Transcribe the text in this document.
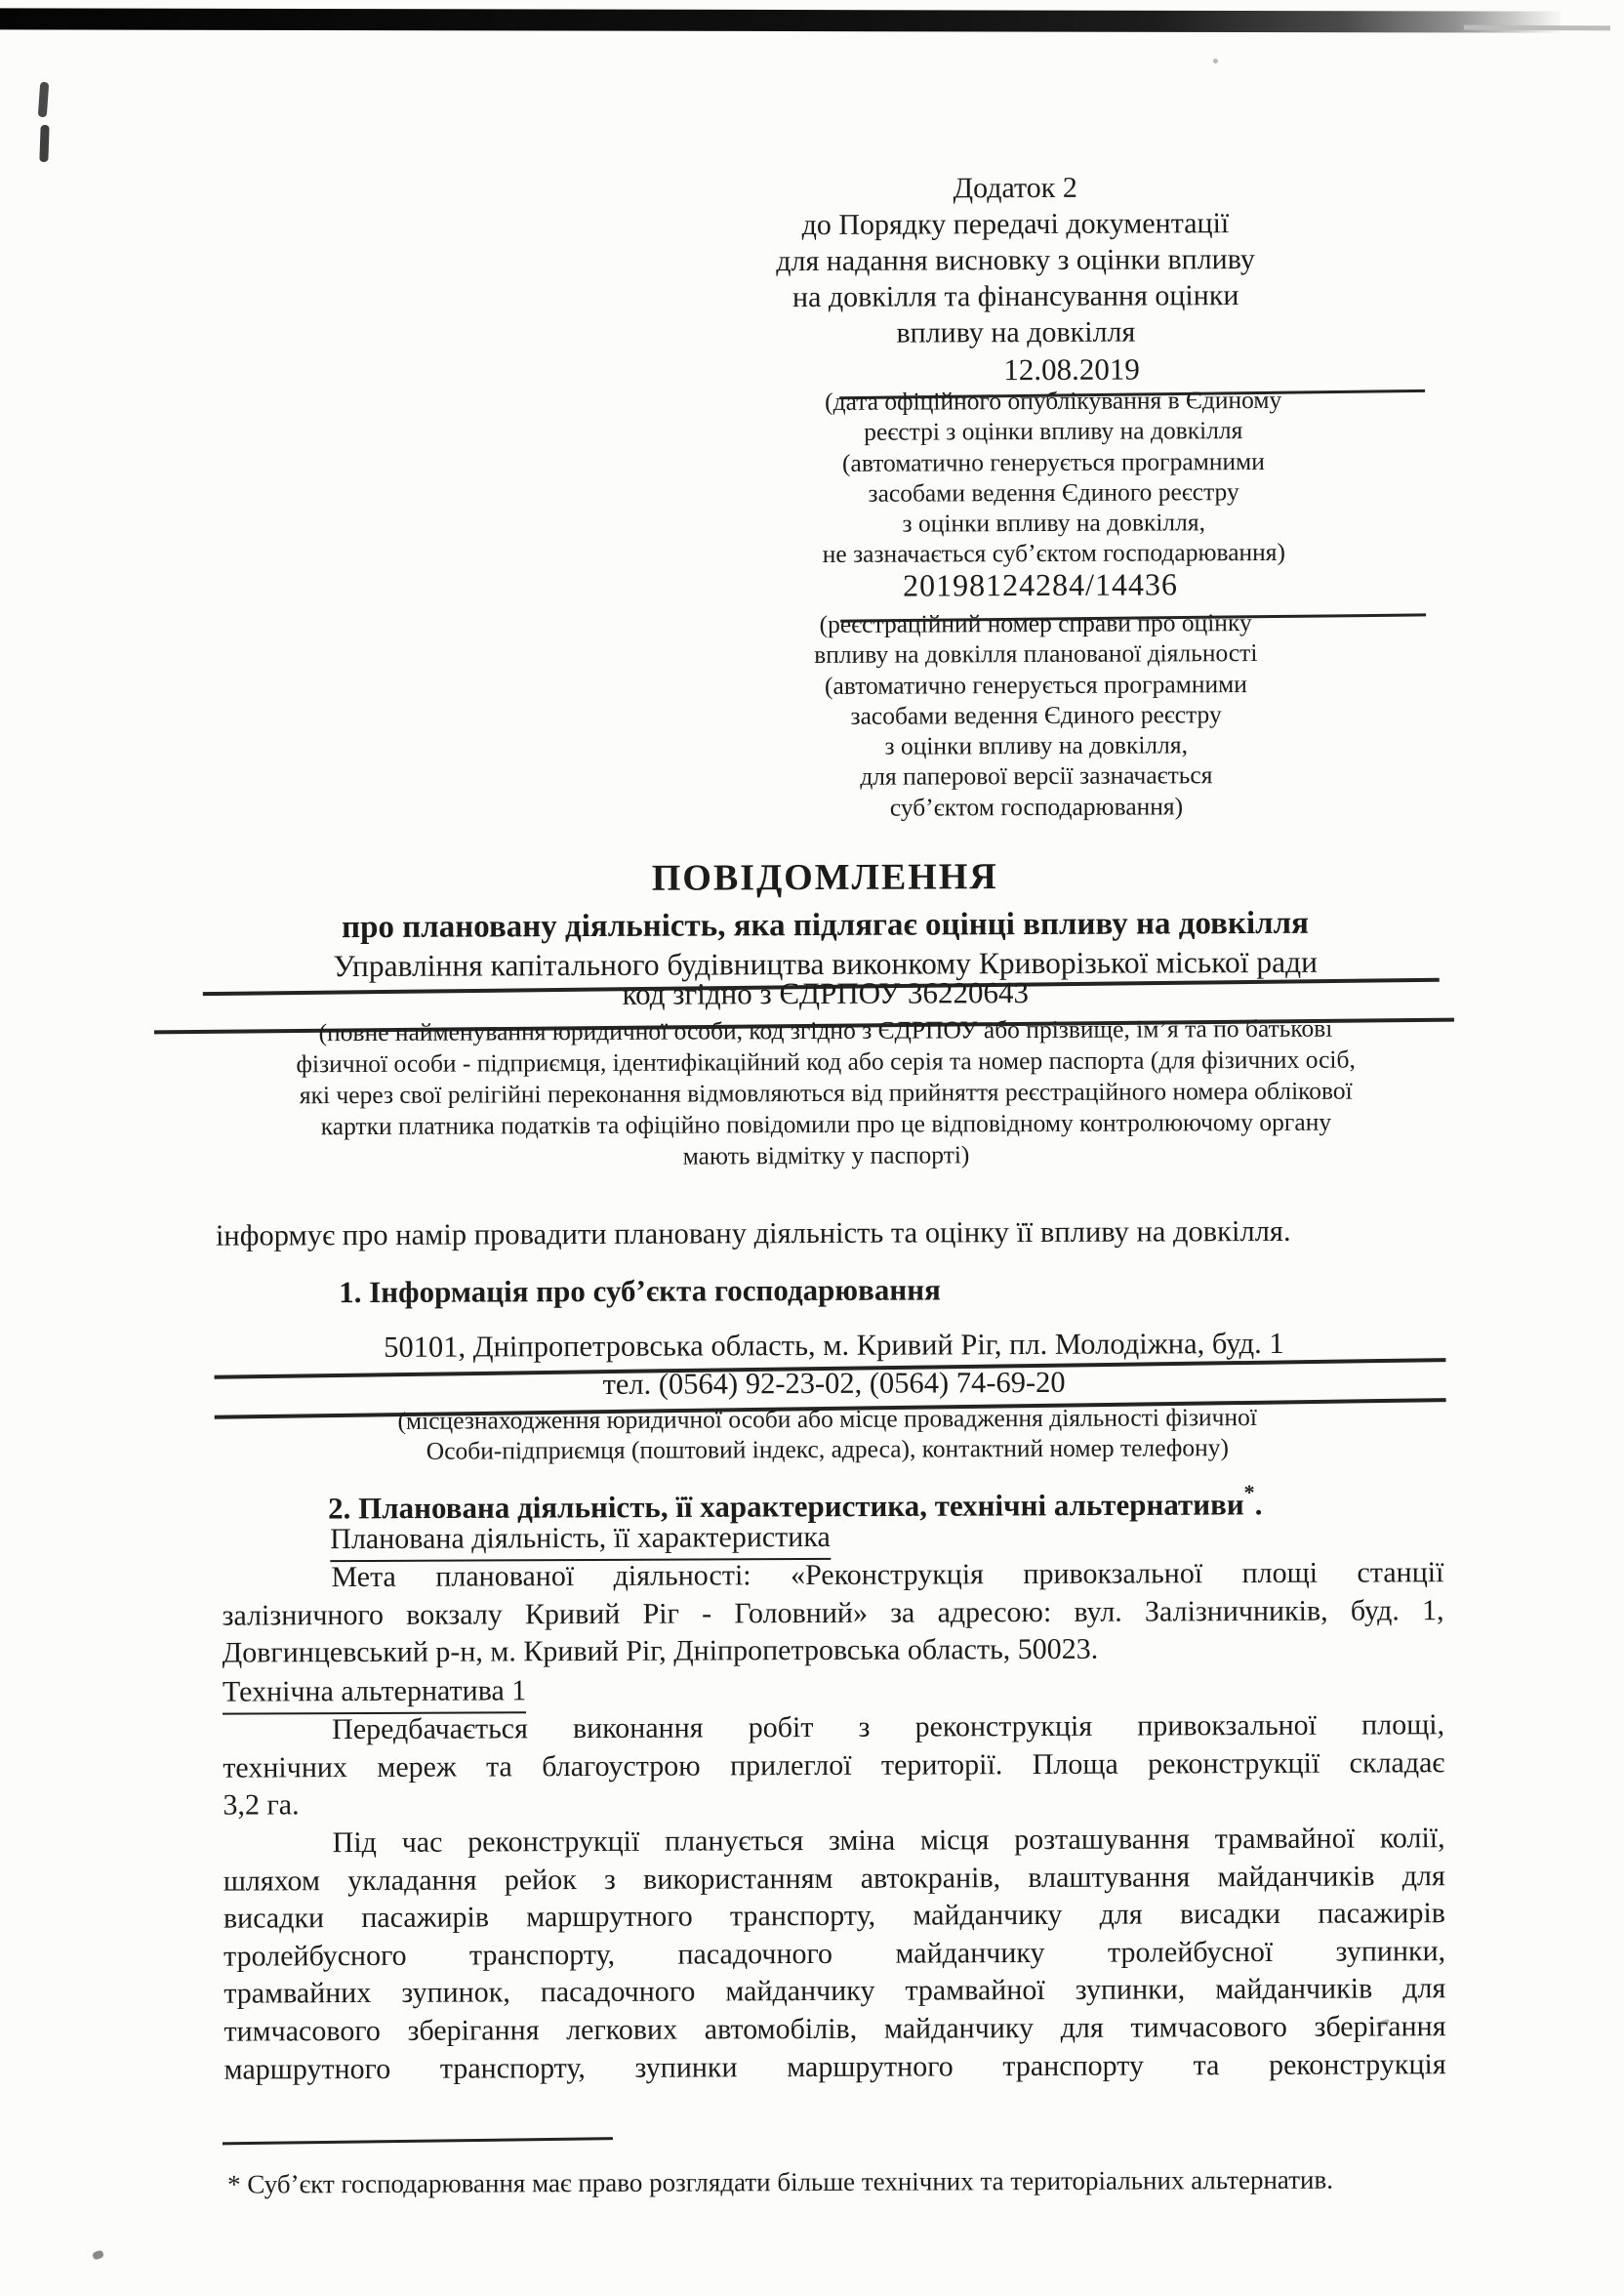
Додаток 2
до Порядку передачі документації
для надання висновку з оцінки впливу
на довкілля та фінансування оцінки
впливу на довкілля
12.08.2019
(дата офіційного опублікування в Єдиному
реєстрі з оцінки впливу на довкілля
(автоматично генерується програмними
засобами ведення Єдиного реєстру
з оцінки впливу на довкілля,
не зазначається суб’єктом господарювання)
20198124284/14436
(реєстраційний номер справи про оцінку
впливу на довкілля планованої діяльності
(автоматично генерується програмними
засобами ведення Єдиного реєстру
з оцінки впливу на довкілля,
для паперової версії зазначається
суб’єктом господарювання)
ПОВІДОМЛЕННЯ
про плановану діяльність, яка підлягає оцінці впливу на довкілля
Управління капітального будівництва виконкому Криворізької міської ради
код згідно з ЄДРПОУ 36220643
(повне найменування юридичної особи, код згідно з ЄДРПОУ або прізвище, ім’я та по батькові
фізичної особи - підприємця, ідентифікаційний код або серія та номер паспорта (для фізичних осіб,
які через свої релігійні переконання відмовляються від прийняття реєстраційного номера облікової
картки платника податків та офіційно повідомили про це відповідному контролюючому органу
мають відмітку у паспорті)
інформує про намір провадити плановану діяльність та оцінку її впливу на довкілля.
1. Інформація про суб’єкта господарювання
50101, Дніпропетровська область, м. Кривий Ріг, пл. Молодіжна, буд. 1
тел. (0564) 92-23-02, (0564) 74-69-20
(місцезнаходження юридичної особи або місце провадження діяльності фізичної
Особи-підприємця (поштовий індекс, адреса), контактний номер телефону)
2. Планована діяльність, її характеристика, технічні альтернативи*.
Планована діяльність, її характеристика
Мета планованої діяльності: «Реконструкція привокзальної площі станції
залізничного вокзалу Кривий Ріг - Головний» за адресою: вул. Залізничників, буд. 1,
Довгинцевський р-н, м. Кривий Ріг, Дніпропетровська область, 50023.
Технічна альтернатива 1
Передбачається виконання робіт з реконструкція привокзальної площі,
технічних мереж та благоустрою прилеглої території. Площа реконструкції складає
3,2 га.
Під час реконструкції планується зміна місця розташування трамвайної колії,
шляхом укладання рейок з використанням автокранів, влаштування майданчиків для
висадки пасажирів маршрутного транспорту, майданчику для висадки пасажирів
тролейбусного транспорту, пасадочного майданчику тролейбусної зупинки,
трамвайних зупинок, пасадочного майданчику трамвайної зупинки, майданчиків для
тимчасового зберігання легкових автомобілів, майданчику для тимчасового зберігання
маршрутного транспорту, зупинки маршрутного транспорту та реконструкція
* Суб’єкт господарювання має право розглядати більше технічних та територіальних альтернатив.
